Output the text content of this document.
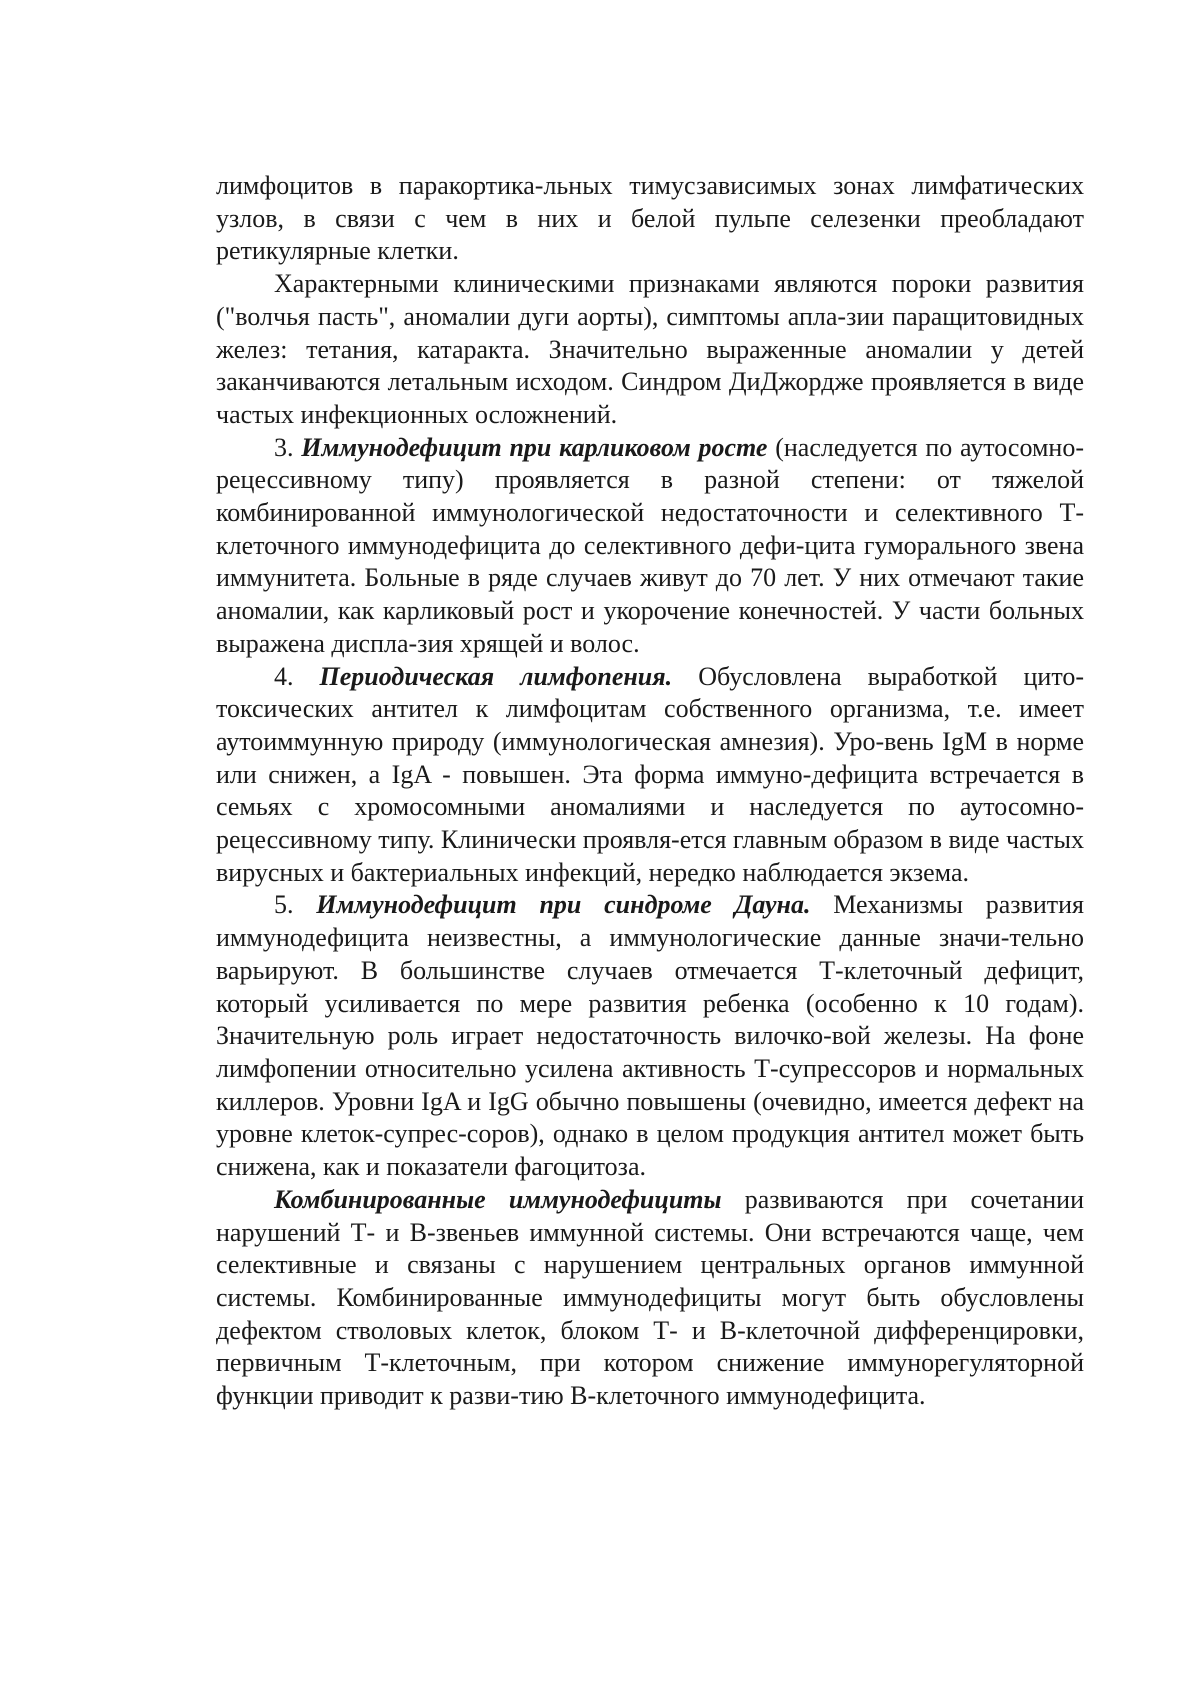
лимфоцитов в паракортика-льных тимусзависимых зонах лимфатических узлов, в связи с чем в них и белой пульпе селезенки преобладают ретикулярные клетки.

Характерными клиническими признаками являются пороки развития ("волчья пасть", аномалии дуги аорты), симптомы апла-зии паращитовидных желез: тетания, катаракта. Значительно выраженные аномалии у детей заканчиваются летальным исходом. Синдром ДиДжордже проявляется в виде частых инфекционных осложнений.

3. Иммунодефицит при карликовом росте (наследуется по аутосомно-рецессивному типу) проявляется в разной степени: от тяжелой комбинированной иммунологической недостаточности и селективного Т-клеточного иммунодефицита до селективного дефи-цита гуморального звена иммунитета. Больные в ряде случаев живут до 70 лет. У них отмечают такие аномалии, как карликовый рост и укорочение конечностей. У части больных выражена диспла-зия хрящей и волос.

4. Периодическая лимфопения. Обусловлена выработкой цито-токсических антител к лимфоцитам собственного организма, т.е. имеет аутоиммунную природу (иммунологическая амнезия). Уро-вень IgM в норме или снижен, а IgA - повышен. Эта форма иммуно-дефицита встречается в семьях с хромосомными аномалиями и наследуется по аутосомно-рецессивному типу. Клинически проявля-ется главным образом в виде частых вирусных и бактериальных инфекций, нередко наблюдается экзема.

5. Иммунодефицит при синдроме Дауна. Механизмы развития иммунодефицита неизвестны, а иммунологические данные значи-тельно варьируют. В большинстве случаев отмечается Т-клеточный дефицит, который усиливается по мере развития ребенка (особенно к 10 годам). Значительную роль играет недостаточность вилочко-вой железы. На фоне лимфопении относительно усилена активность Т-супрессоров и нормальных киллеров. Уровни IgA и IgG обычно повышены (очевидно, имеется дефект на уровне клеток-супрес-соров), однако в целом продукция антител может быть снижена, как и показатели фагоцитоза.

Комбинированные иммунодефициты развиваются при сочетании нарушений Т- и В-звеньев иммунной системы. Они встречаются чаще, чем селективные и связаны с нарушением центральных органов иммунной системы. Комбинированные иммунодефициты могут быть обусловлены дефектом стволовых клеток, блоком Т- и В-клеточной дифференцировки, первичным Т-клеточным, при котором снижение иммунорегуляторной функции приводит к разви-тию В-клеточного иммунодефицита.
